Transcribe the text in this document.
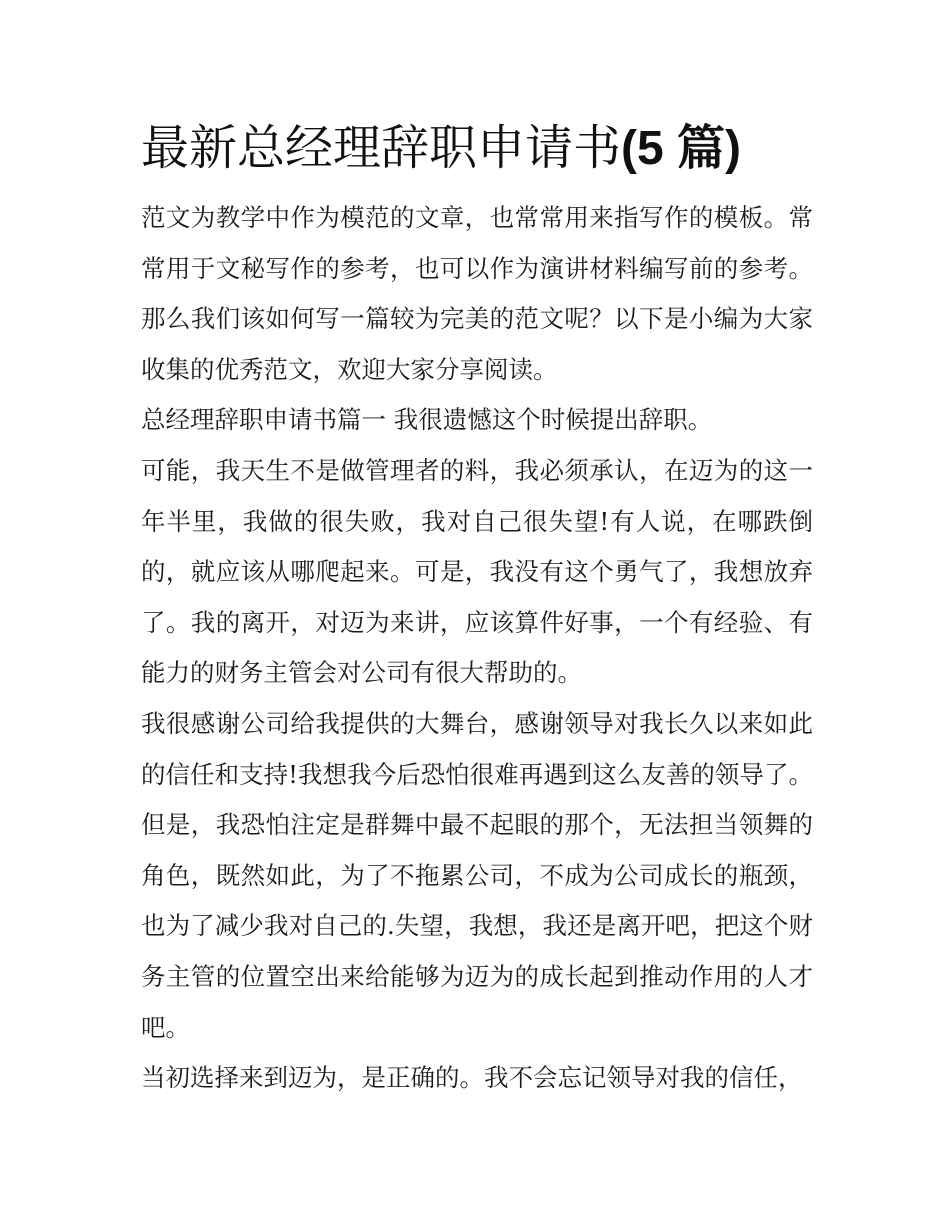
最新总经理辞职申请书(5 篇)

范文为教学中作为模范的文章，也常常用来指写作的模板。常常用于文秘写作的参考，也可以作为演讲材料编写前的参考。那么我们该如何写一篇较为完美的范文呢？以下是小编为大家收集的优秀范文，欢迎大家分享阅读。

总经理辞职申请书篇一 我很遗憾这个时候提出辞职。

可能，我天生不是做管理者的料，我必须承认，在迈为的这一年半里，我做的很失败，我对自己很失望!有人说，在哪跌倒的，就应该从哪爬起来。可是，我没有这个勇气了，我想放弃了。我的离开，对迈为来讲，应该算件好事，一个有经验、有能力的财务主管会对公司有很大帮助的。

我很感谢公司给我提供的大舞台，感谢领导对我长久以来如此的信任和支持!我想我今后恐怕很难再遇到这么友善的领导了。但是，我恐怕注定是群舞中最不起眼的那个，无法担当领舞的角色，既然如此，为了不拖累公司，不成为公司成长的瓶颈，也为了减少我对自己的.失望，我想，我还是离开吧，把这个财务主管的位置空出来给能够为迈为的成长起到推动作用的人才吧。

当初选择来到迈为，是正确的。我不会忘记领导对我的信任，
